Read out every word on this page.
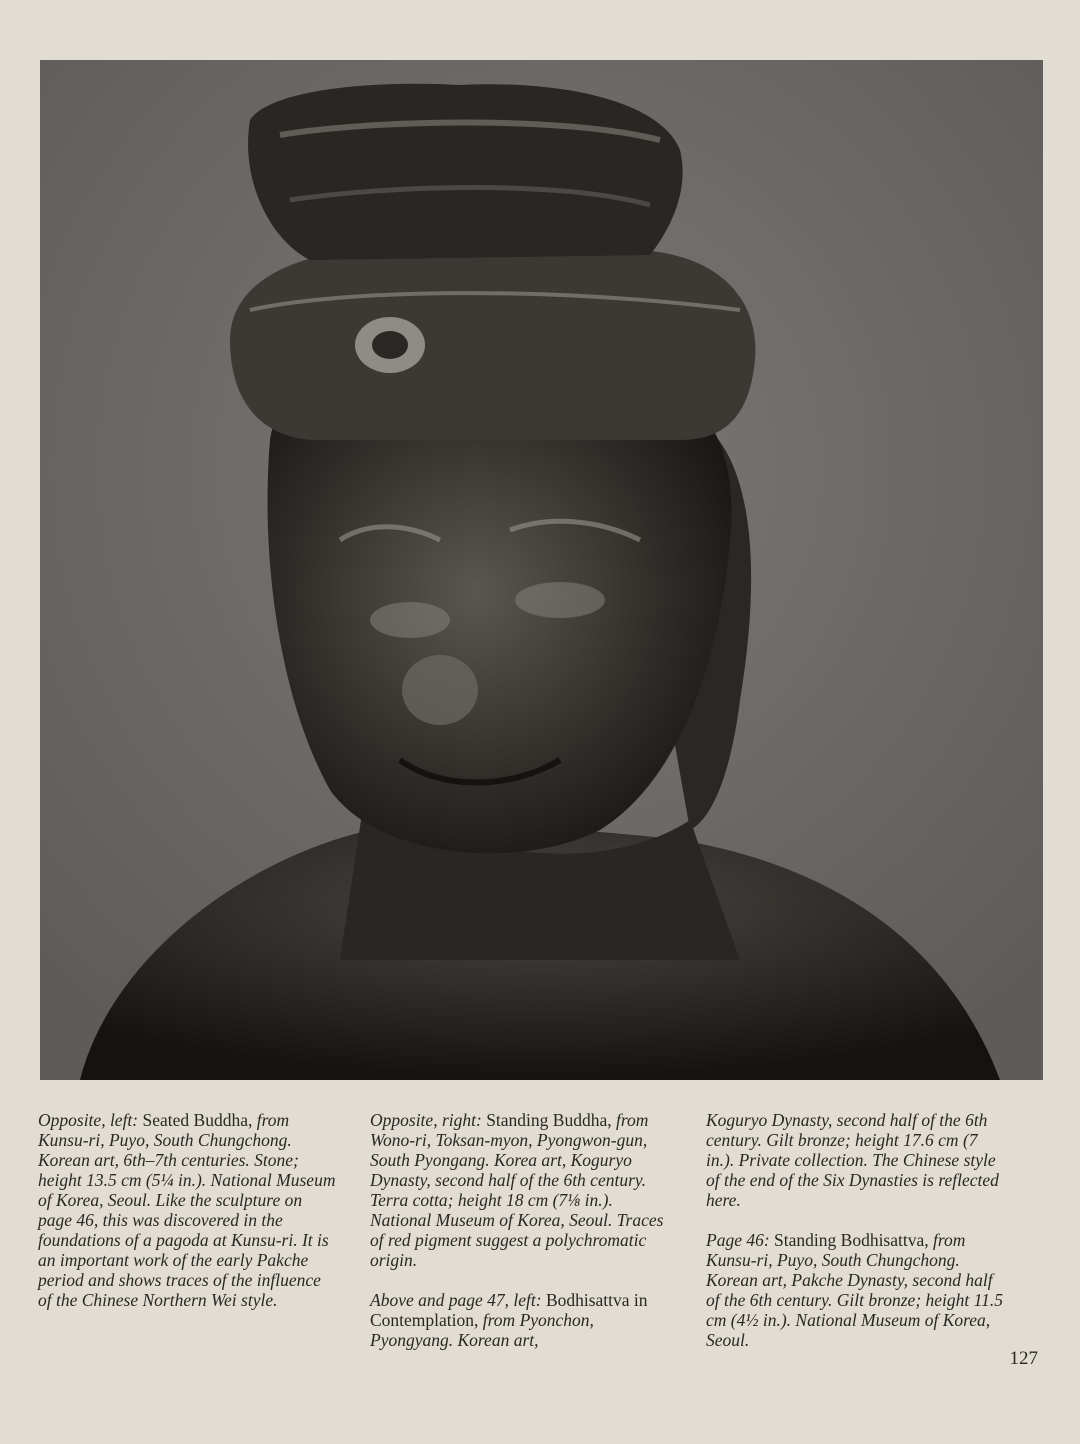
Opposite, left: Seated Buddha, from Kunsu-ri, Puyo, South Chungchong. Korean art, 6th–7th centuries. Stone; height 13.5 cm (5¼ in.). National Museum of Korea, Seoul. Like the sculpture on page 46, this was discovered in the foundations of a pagoda at Kunsu-ri. It is an important work of the early Pakche period and shows traces of the influence of the Chinese Northern Wei style.

Opposite, right: Standing Buddha, from Wono-ri, Toksan-myon, Pyongwon-gun, South Pyongang. Korea art, Koguryo Dynasty, second half of the 6th century. Terra cotta; height 18 cm (7⅛ in.). National Museum of Korea, Seoul. Traces of red pigment suggest a polychromatic origin.

Above and page 47, left: Bodhisattva in Contemplation, from Pyonchon, Pyongyang. Korean art,

Koguryo Dynasty, second half of the 6th century. Gilt bronze; height 17.6 cm (7 in.). Private collection. The Chinese style of the end of the Six Dynasties is reflected here.

Page 46: Standing Bodhisattva, from Kunsu-ri, Puyo, South Chungchong. Korean art, Pakche Dynasty, second half of the 6th century. Gilt bronze; height 11.5 cm (4½ in.). National Museum of Korea, Seoul.

127
